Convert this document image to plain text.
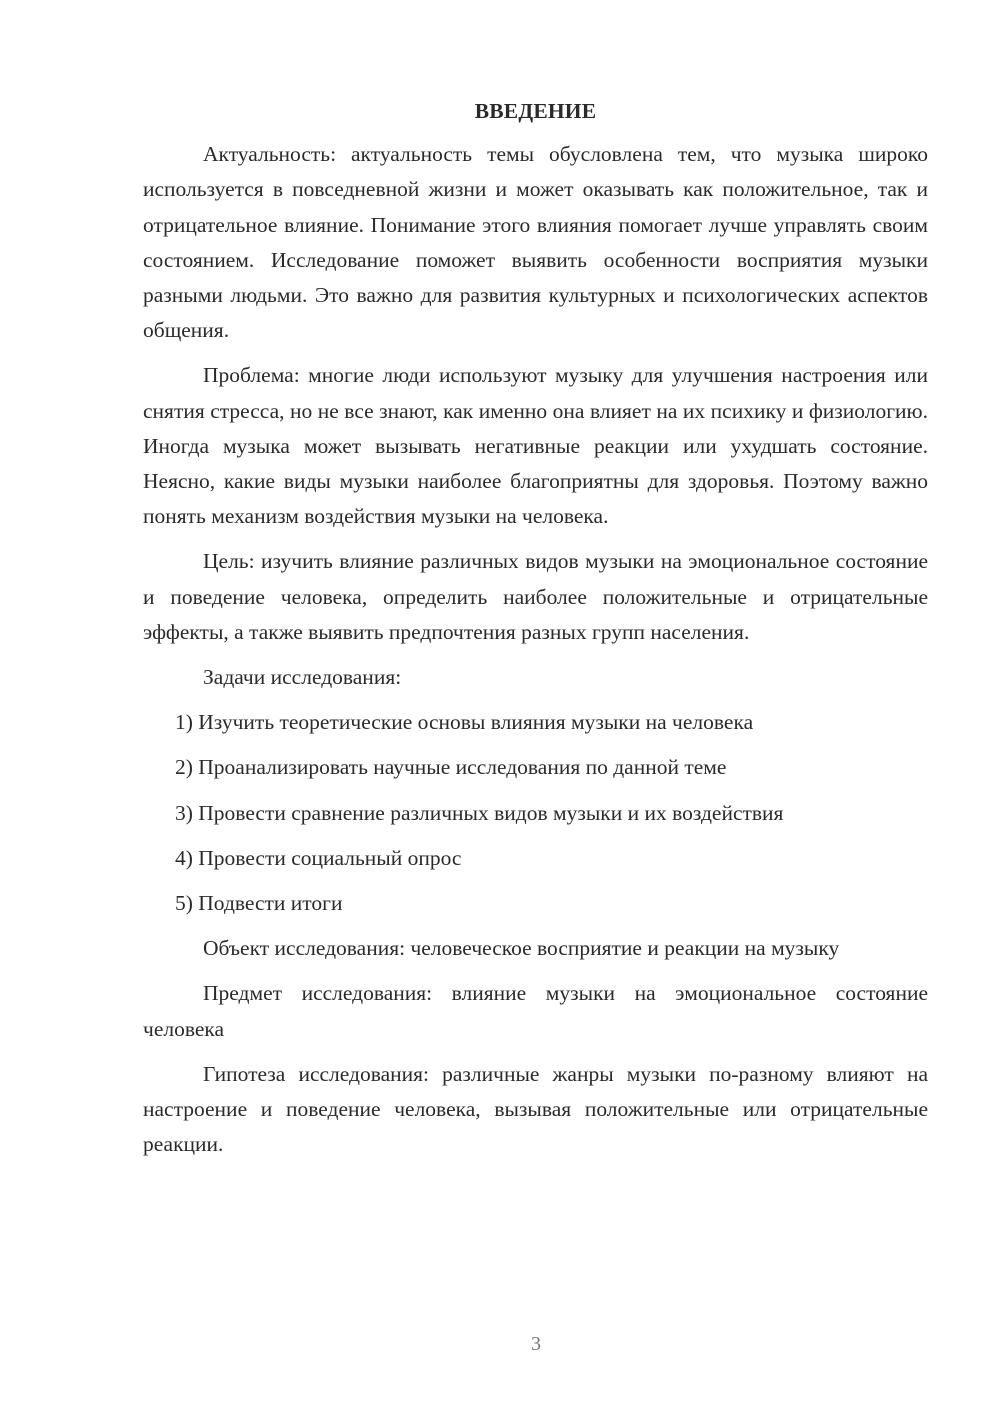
ВВЕДЕНИЕ

Актуальность: актуальность темы обусловлена тем, что музыка широко используется в повседневной жизни и может оказывать как положительное, так и отрицательное влияние. Понимание этого влияния помогает лучше управлять своим состоянием. Исследование поможет выявить особенности восприятия музыки разными людьми. Это важно для развития культурных и психологических аспектов общения.

Проблема: многие люди используют музыку для улучшения настроения или снятия стресса, но не все знают, как именно она влияет на их психику и физиологию. Иногда музыка может вызывать негативные реакции или ухудшать состояние. Неясно, какие виды музыки наиболее благоприятны для здоровья. Поэтому важно понять механизм воздействия музыки на человека.

Цель: изучить влияние различных видов музыки на эмоциональное состояние и поведение человека, определить наиболее положительные и отрицательные эффекты, а также выявить предпочтения разных групп населения.

Задачи исследования:

1) Изучить теоретические основы влияния музыки на человека
2) Проанализировать научные исследования по данной теме
3) Провести сравнение различных видов музыки и их воздействия
4) Провести социальный опрос
5) Подвести итоги

Объект исследования: человеческое восприятие и реакции на музыку

Предмет исследования: влияние музыки на эмоциональное состояние человека

Гипотеза исследования: различные жанры музыки по-разному влияют на настроение и поведение человека, вызывая положительные или отрицательные реакции.

3
